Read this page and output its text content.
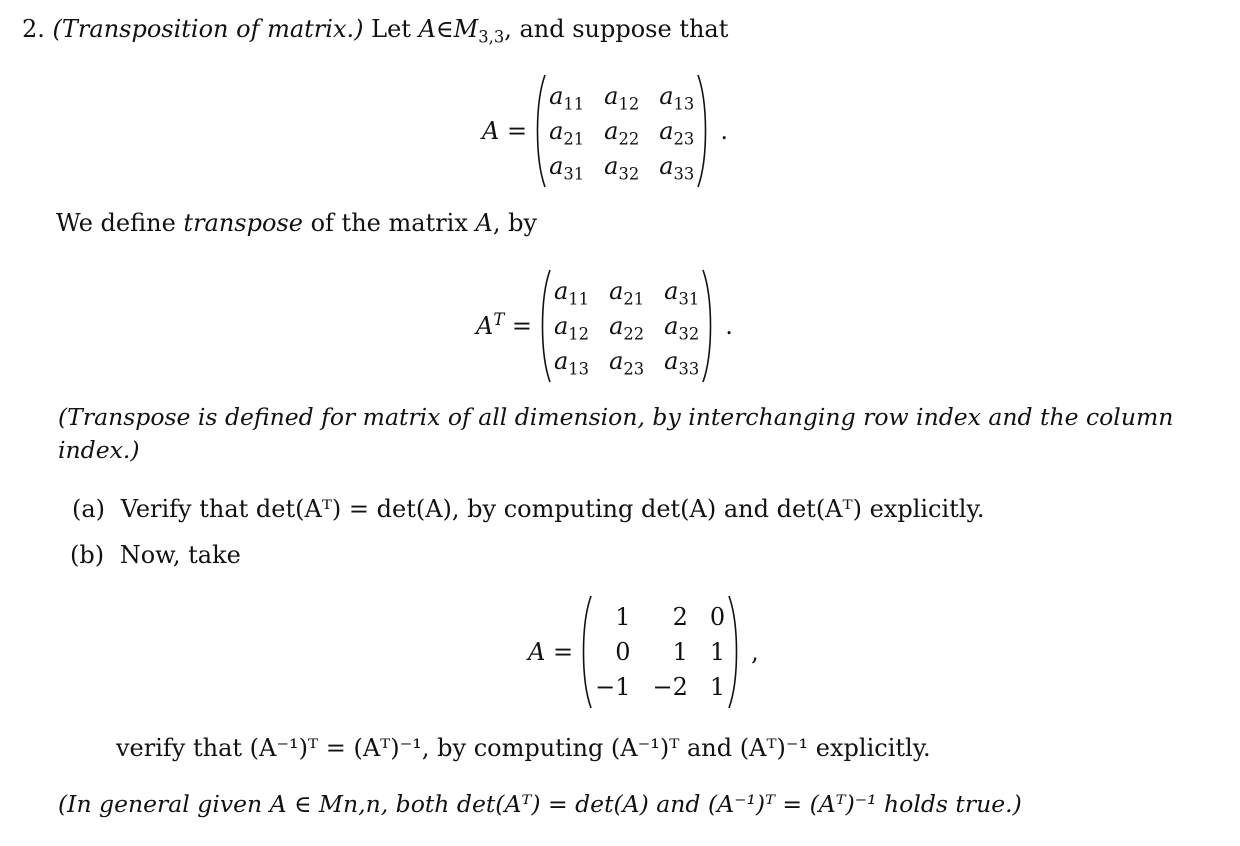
2. (Transposition of matrix.) Let $A\in M_{3,3}$, and suppose that
A =
$a_{11}$ $a_{12}$ $a_{13}$
$a_{21}$ $a_{22}$ $a_{23}$
$a_{31}$ $a_{32}$ $a_{33}$
.
We define transpose of the matrix A, by
$A^T$ =
$a_{11}$ $a_{21}$ $a_{31}$
$a_{12}$ $a_{22}$ $a_{32}$
$a_{13}$ $a_{23}$ $a_{33}$
.
(Transpose is defined for matrix of all dimension, by interchanging row index and the column
index.)
(a) Verify that det(Aᵀ) = det(A), by computing det(A) and det(Aᵀ) explicitly.
(b) Now, take
A =
1	2 0
0	1 1
−1 −2 1
,
verify that (A⁻¹)ᵀ = (Aᵀ)⁻¹, by computing (A⁻¹)ᵀ and (Aᵀ)⁻¹ explicitly.
(In general given A ∈ Mn,n, both det(Aᵀ) = det(A) and (A⁻¹)ᵀ = (Aᵀ)⁻¹ holds true.)
